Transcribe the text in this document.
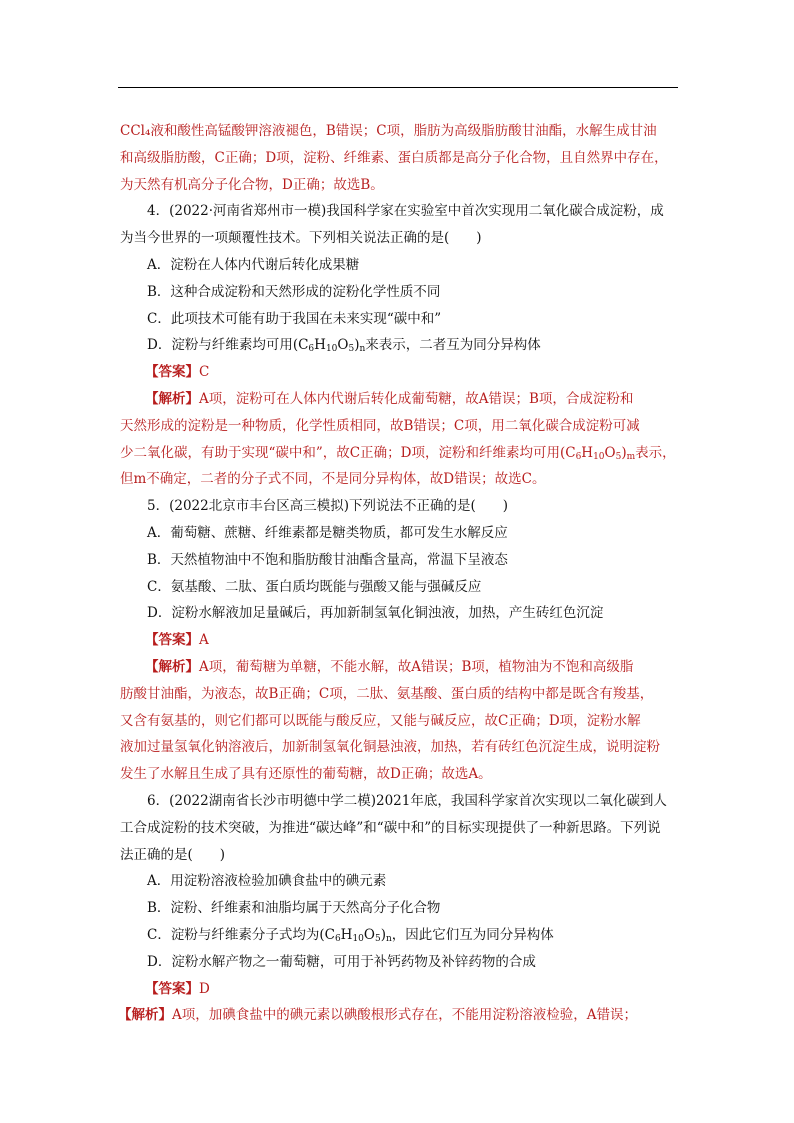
CCl₄液和酸性高锰酸钾溶液褪色，B错误；C项，脂肪为高级脂肪酸甘油酯，水解生成甘油
和高级脂肪酸，C正确；D项，淀粉、纤维素、蛋白质都是高分子化合物，且自然界中存在，
为天然有机高分子化合物，D正确；故选B。
4．(2022·河南省郑州市一模)我国科学家在实验室中首次实现用二氧化碳合成淀粉，成
为当今世界的一项颠覆性技术。下列相关说法正确的是(　　)
A．淀粉在人体内代谢后转化成果糖
B．这种合成淀粉和天然形成的淀粉化学性质不同
C．此项技术可能有助于我国在未来实现“碳中和”
D．淀粉与纤维素均可用$(C_6H_{10}O_5)_n$来表示，二者互为同分异构体
【答案】C
【解析】A项，淀粉可在人体内代谢后转化成葡萄糖，故A错误；B项，合成淀粉和
天然形成的淀粉是一种物质，化学性质相同，故B错误；C项，用二氧化碳合成淀粉可减
少二氧化碳，有助于实现“碳中和”，故C正确；D项，淀粉和纤维素均可用$(C_6H_{10}O_5)_m$表示，
但m不确定，二者的分子式不同，不是同分异构体，故D错误；故选C。
5．(2022北京市丰台区高三模拟)下列说法不正确的是(　　)
A．葡萄糖、蔗糖、纤维素都是糖类物质，都可发生水解反应
B．天然植物油中不饱和脂肪酸甘油酯含量高，常温下呈液态
C．氨基酸、二肽、蛋白质均既能与强酸又能与强碱反应
D．淀粉水解液加足量碱后，再加新制氢氧化铜浊液，加热，产生砖红色沉淀
【答案】A
【解析】A项，葡萄糖为单糖，不能水解，故A错误；B项，植物油为不饱和高级脂
肪酸甘油酯，为液态，故B正确；C项，二肽、氨基酸、蛋白质的结构中都是既含有羧基，
又含有氨基的，则它们都可以既能与酸反应，又能与碱反应，故C正确；D项，淀粉水解
液加过量氢氧化钠溶液后，加新制氢氧化铜悬浊液，加热，若有砖红色沉淀生成，说明淀粉
发生了水解且生成了具有还原性的葡萄糖，故D正确；故选A。
6．(2022湖南省长沙市明德中学二模)2021年底，我国科学家首次实现以二氧化碳到人
工合成淀粉的技术突破，为推进“碳达峰”和“碳中和”的目标实现提供了一种新思路。下列说
法正确的是(　　)
A．用淀粉溶液检验加碘食盐中的碘元素
B．淀粉、纤维素和油脂均属于天然高分子化合物
C．淀粉与纤维素分子式均为$(C_6H_{10}O_5)_n$，因此它们互为同分异构体
D．淀粉水解产物之一葡萄糖，可用于补钙药物及补锌药物的合成
【答案】D
【解析】A项，加碘食盐中的碘元素以碘酸根形式存在，不能用淀粉溶液检验，A错误；
